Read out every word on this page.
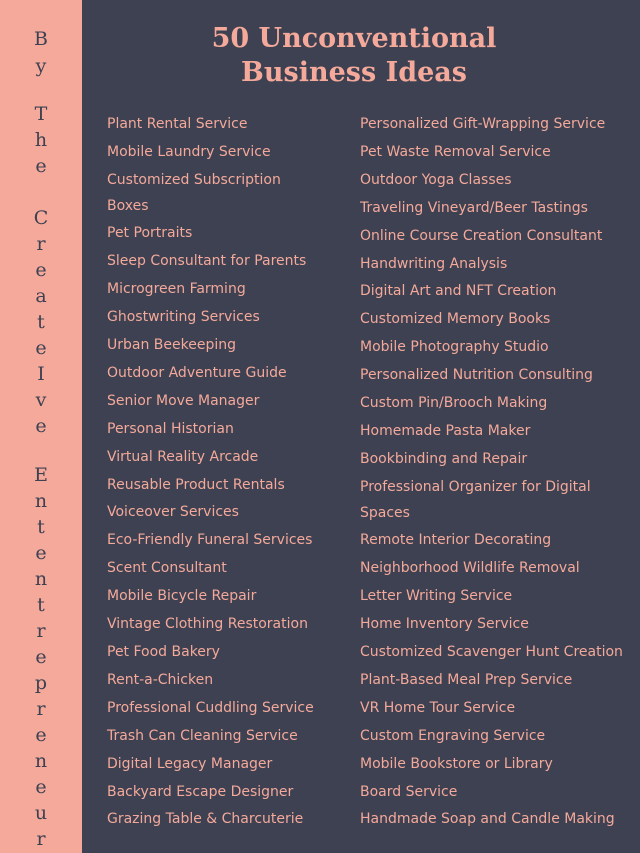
B
y
T
h
e
C
r
e
a
t
e
I
v
e
E
n
t
e
n
t
r
e
p
r
e
n
e
u
r
50 Unconventional
Business Ideas
Plant Rental Service
Mobile Laundry Service
Customized Subscription Boxes
Pet Portraits
Sleep Consultant for Parents
Microgreen Farming
Ghostwriting Services
Urban Beekeeping
Outdoor Adventure Guide
Senior Move Manager
Personal Historian
Virtual Reality Arcade
Reusable Product Rentals
Voiceover Services
Eco-Friendly Funeral Services
Scent Consultant
Mobile Bicycle Repair
Vintage Clothing Restoration
Pet Food Bakery
Rent-a-Chicken
Professional Cuddling Service
Trash Can Cleaning Service
Digital Legacy Manager
Backyard Escape Designer
Grazing Table & Charcuterie
Personalized Gift-Wrapping Service
Pet Waste Removal Service
Outdoor Yoga Classes
Traveling Vineyard/Beer Tastings
Online Course Creation Consultant
Handwriting Analysis
Digital Art and NFT Creation
Customized Memory Books
Mobile Photography Studio
Personalized Nutrition Consulting
Custom Pin/Brooch Making
Homemade Pasta Maker
Bookbinding and Repair
Professional Organizer for Digital Spaces
Remote Interior Decorating
Neighborhood Wildlife Removal
Letter Writing Service
Home Inventory Service
Customized Scavenger Hunt Creation
Plant-Based Meal Prep Service
VR Home Tour Service
Custom Engraving Service
Mobile Bookstore or Library
Board Service
Handmade Soap and Candle Making
